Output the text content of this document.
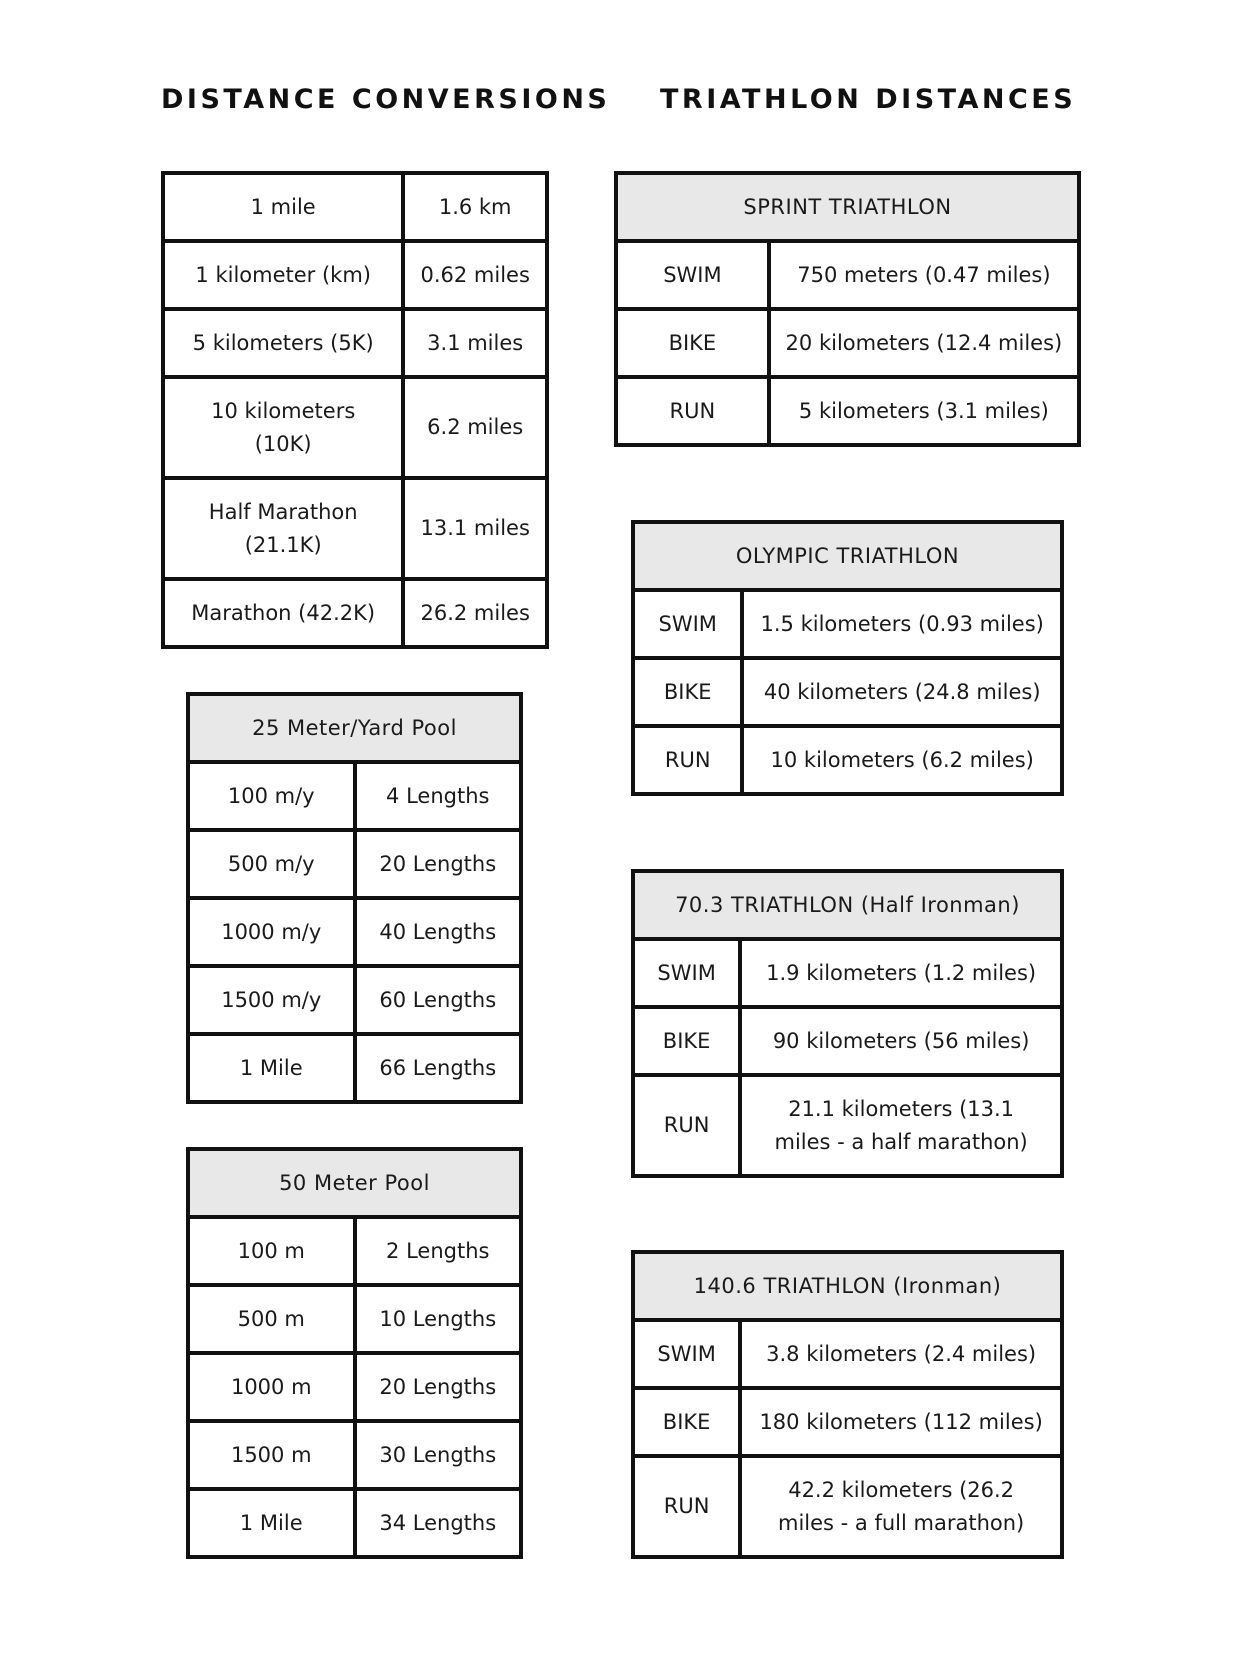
DISTANCE CONVERSIONS TRIATHLON DISTANCES
1 mile	1.6 km
1 kilometer (km)	0.62 miles
5 kilometers (5K)	3.1 miles
10 kilometers (10K)	6.2 miles
Half Marathon (21.1K)	13.1 miles
Marathon (42.2K)	26.2 miles
25 Meter/Yard Pool	
100 m/y	4 Lengths
500 m/y	20 Lengths
1000 m/y	40 Lengths
1500 m/y	60 Lengths
1 Mile	66 Lengths
50 Meter Pool	
100 m	2 Lengths
500 m	10 Lengths
1000 m	20 Lengths
1500 m	30 Lengths
1 Mile	34 Lengths
SPRINT TRIATHLON	
SWIM	750 meters (0.47 miles)
BIKE	20 kilometers (12.4 miles)
RUN	5 kilometers (3.1 miles)
OLYMPIC TRIATHLON	
SWIM	1.5 kilometers (0.93 miles)
BIKE	40 kilometers (24.8 miles)
RUN	10 kilometers (6.2 miles)
70.3 TRIATHLON (Half Ironman)	
SWIM	1.9 kilometers (1.2 miles)
BIKE	90 kilometers (56 miles)
RUN	21.1 kilometers (13.1 miles - a half marathon)
140.6 TRIATHLON (Ironman)	
SWIM	3.8 kilometers (2.4 miles)
BIKE	180 kilometers (112 miles)
RUN	42.2 kilometers (26.2 miles - a full marathon)
